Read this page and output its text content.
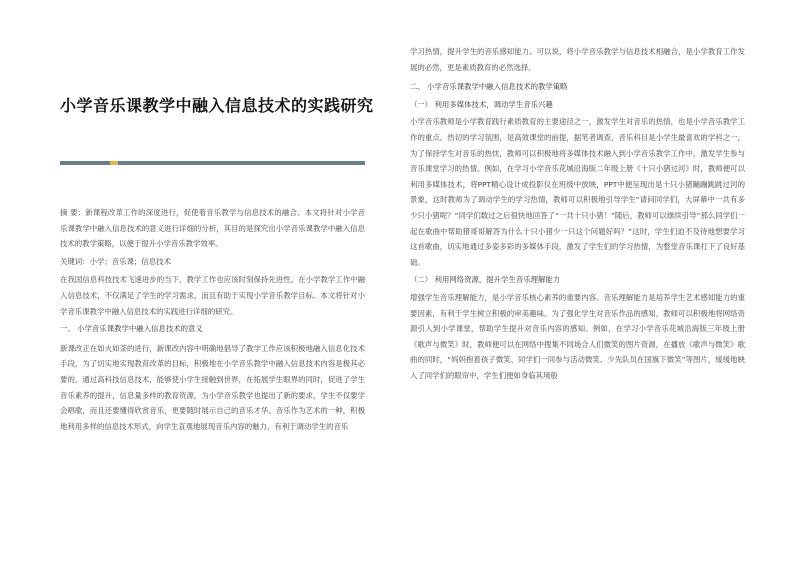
小学音乐课教学中融入信息技术的实践研究

摘 要：新课程改革工作的深度进行，促使着音乐教学与信息技术的融合。本文将针对小学音乐课教学中融入信息技术的意义进行详细的分析，其目的是探究出小学音乐课教学中融入信息技术的教学策略，以便于提升小学音乐教学效率。

关键词：小学；音乐课；信息技术

在我国信息科技技术飞速进步的当下，教学工作也应该时刻保持先进性。在小学教学工作中融入信息技术，不仅满足了学生的学习需求，而且有助于实现小学音乐教学目标。本文将针对小学音乐课教学中融入信息技术的实践进行详细的研究。

一、 小学音乐课教学中融入信息技术的意义

新课改正在如火如荼的进行，新课改内容中明确地倡导了教学工作应该积极地融入信息化技术手段，为了切实地实现教育改革的目标，积极地在小学音乐教学中融入信息技术内容是极其必要的。通过高科技信息技术，能够使小学生接触到世界，在拓展学生眼界的同时，促进了学生音乐素养的提升，信息量多样的教育资源，为小学音乐教学也提出了新的要求，学生不仅要学会唱歌，而且还要懂得欣赏音乐，更要随时展示自己的音乐才华。音乐作为艺术的一种，积极地利用多样的信息技术形式，向学生直观地展现音乐内容的魅力，有利于调动学生的音乐

学习热情，提升学生的音乐感知能力。可以说，将小学音乐教学与信息技术相融合，是小学教育工作发展的必然，更是素质教育的必然选择。

二、 小学音乐课教学中融入信息技术的教学策略

（一） 利用多媒体技术，调动学生音乐兴趣

小学音乐教师是小学教育践行素质教育的主要途径之一，激发学生对音乐的热情，也是小学音乐教学工作的重点。热切的学习氛围，是高效课堂的前提，据笔者调查，音乐科目是小学生最喜欢的学科之一，为了保持学生对音乐的热忱，教师可以积极地将多媒体技术融入到小学音乐教学工作中，激发学生参与音乐课堂学习的热情。例如，在学习小学音乐花城沿海版二年级上册《十只小猪过河》时，教师便可以利用多媒体技术，将PPT精心设计成投影仪在班级中放映，PPT中便呈现出是十只小猪蹦蹦跳跳过河的景象，这时教师为了调动学生的学习热情，教师可以积极地引导学生“请问同学们，大屏幕中一共有多少只小猪呢？”同学们数过之后很快地回答了“一共十只小猪！”随后，教师可以继续引导“那么同学们一起在歌曲中帮助猪哥哥解答为什么十只小猪少一只这个问题好吗？”这时，学生们迫不及待地想要学习这首歌曲，切实地通过多姿多彩的多媒体手段，激发了学生们的学习热情，为整堂音乐课打下了良好基础。

（二） 利用网络资源，提升学生音乐理解能力

增强学生音乐理解能力，是小学音乐核心素养的重要内容。音乐理解能力是培养学生艺术感知能力的重要因素，有利于学生树立积极的审美趣味。为了强化学生对音乐作品的感知，教师可以积极地将网络资源引入到小学课堂，帮助学生提升对音乐内容的感知。例如，在学习小学音乐花城沿海版三年级上册《歌声与微笑》时，教师便可以在网络中搜集不同场合人们微笑的图片资源，在播放《歌声与微笑》歌曲的同时，“妈妈抱着孩子微笑、同学们一同参与活动微笑、少先队员在国旗下微笑”等图片，缓缓地映入了同学们的眼帘中，学生们便如身临其境般
